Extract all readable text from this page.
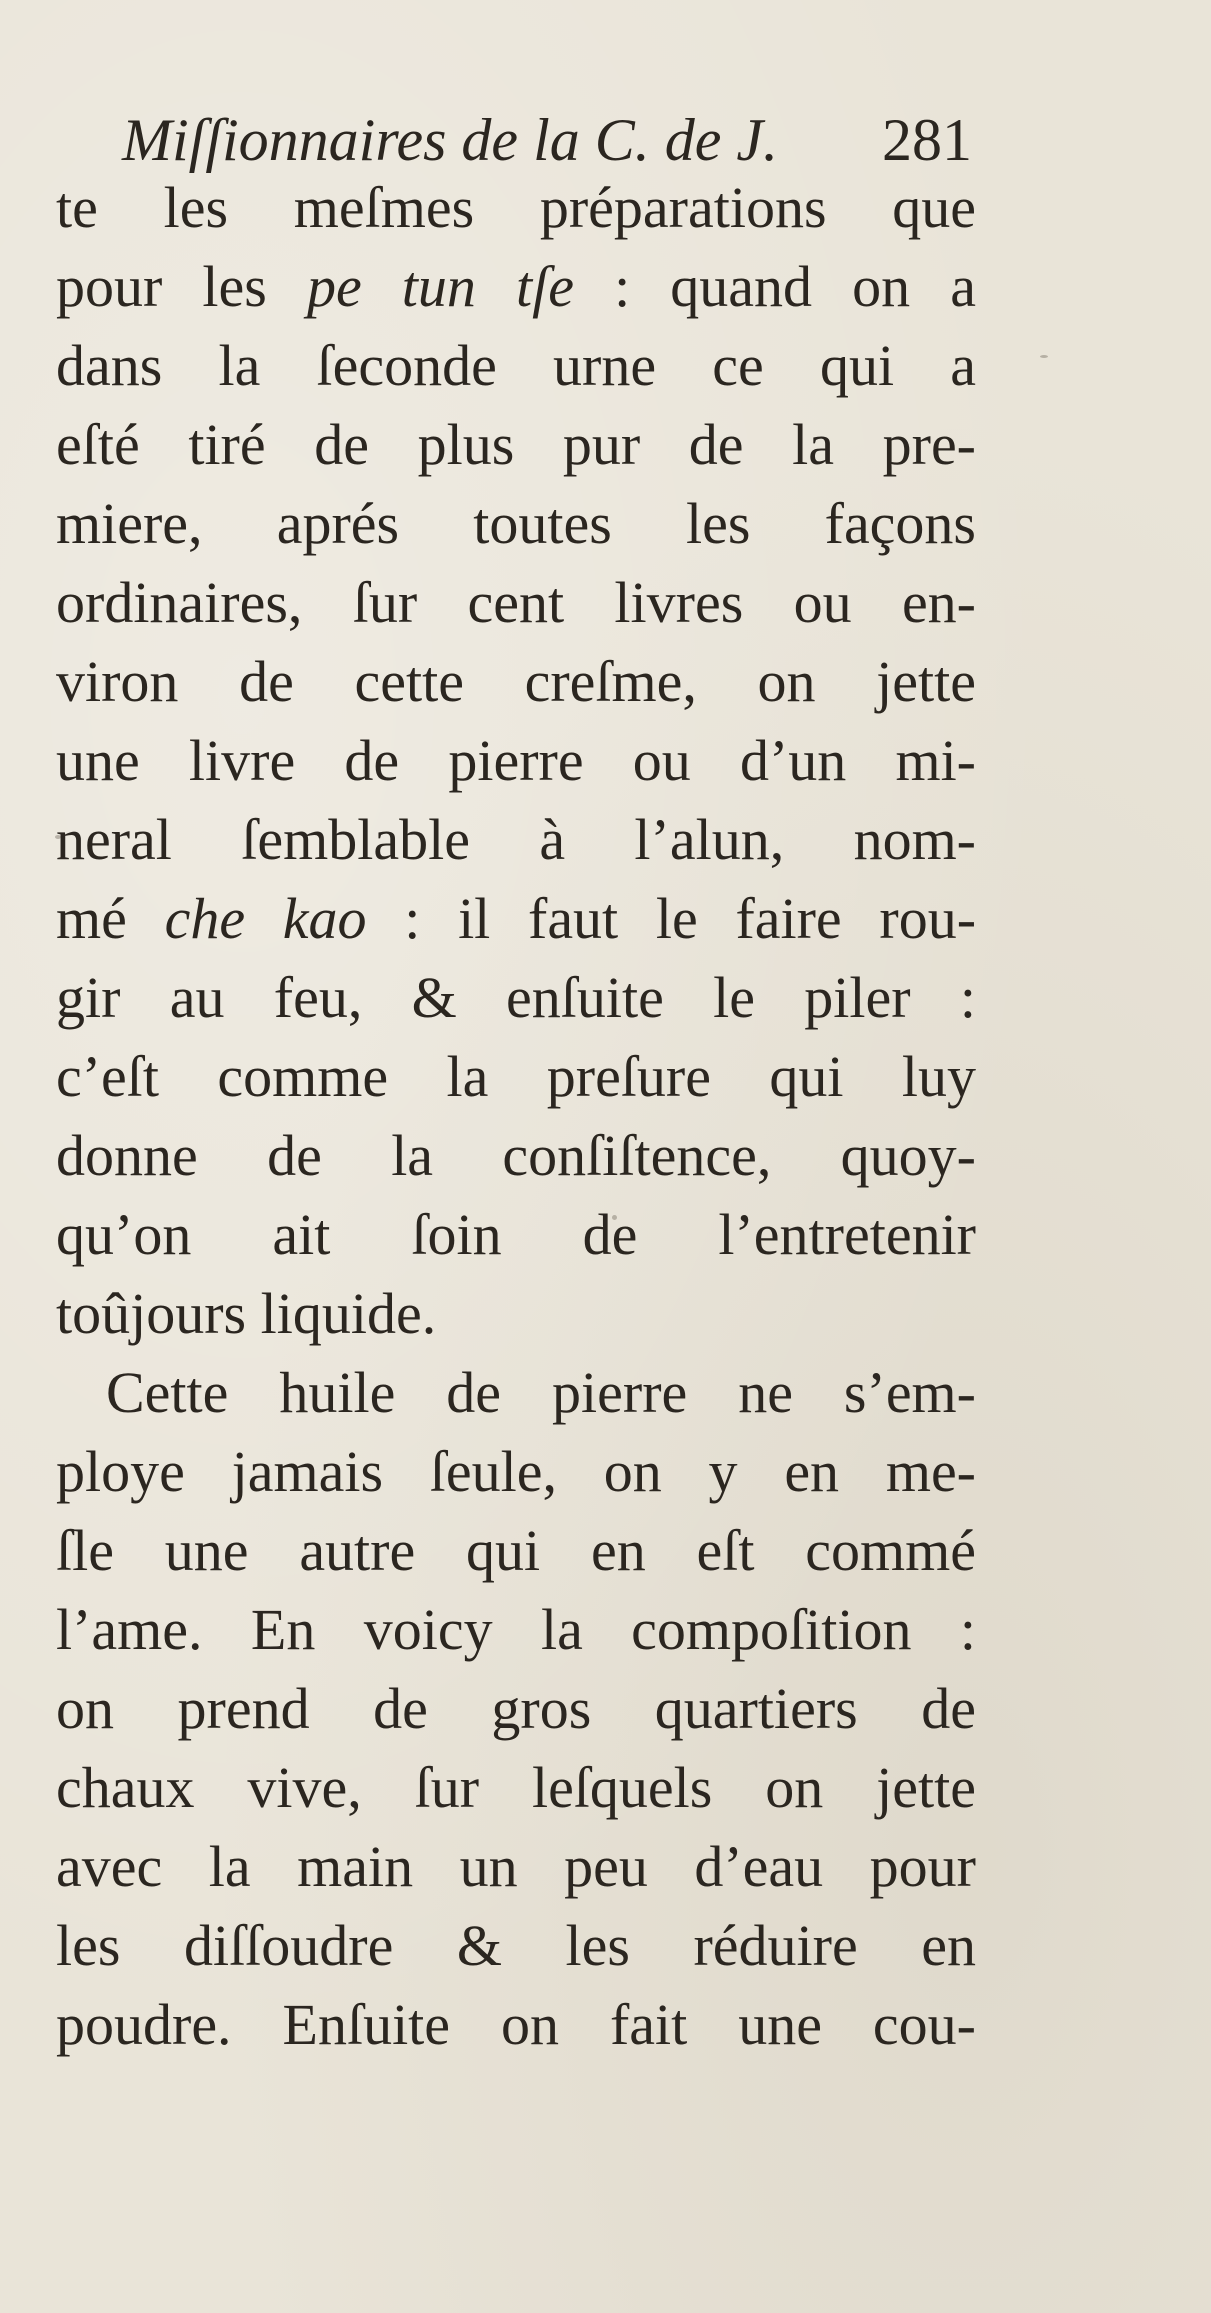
Miſſionnaires de la C. de J. 281
te les meſmes préparations que
pour les pe tun tſe : quand on a
dans la ſeconde urne ce qui a
eſté tiré de plus pur de la pre-
miere, aprés toutes les façons
ordinaires, ſur cent livres ou en-
viron de cette creſme, on jette
une livre de pierre ou d’un mi-
neral ſemblable à l’alun, nom-
mé che kao : il faut le faire rou-
gir au feu, & enſuite le piler :
c’eſt comme la preſure qui luy
donne de la conſiſtence, quoy-
qu’on ait ſoin de l’entretenir
toûjours liquide.
Cette huile de pierre ne s’em-
ploye jamais ſeule, on y en me-
ſle une autre qui en eſt commé
l’ame. En voicy la compoſition :
on prend de gros quartiers de
chaux vive, ſur leſquels on jette
avec la main un peu d’eau pour
les diſſoudre & les réduire en
poudre. Enſuite on fait une cou-
